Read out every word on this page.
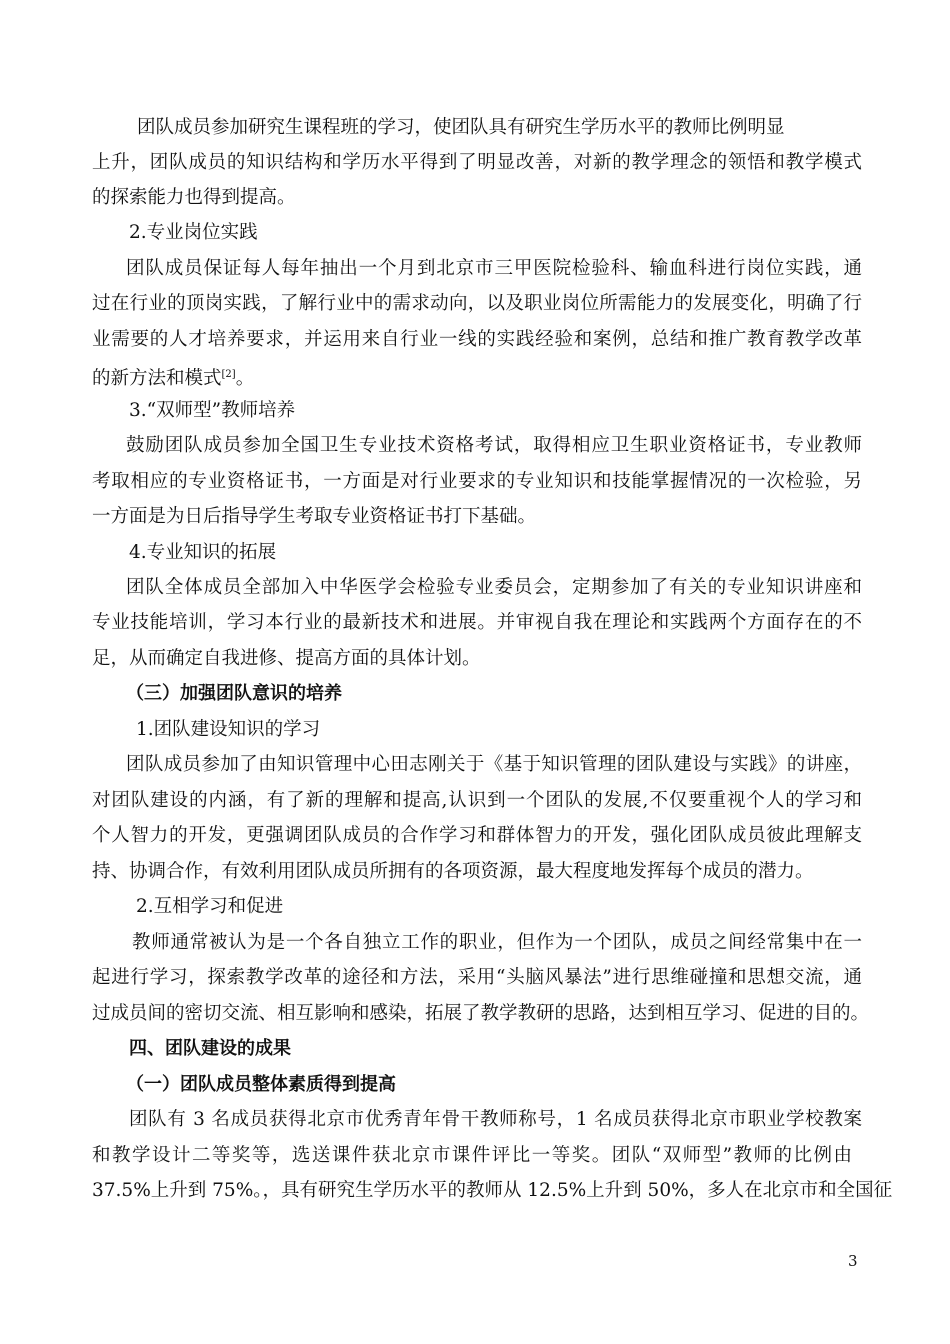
团队成员参加研究生课程班的学习，使团队具有研究生学历水平的教师比例明显
上升，团队成员的知识结构和学历水平得到了明显改善，对新的教学理念的领悟和教学模式
的探索能力也得到提高。
2.专业岗位实践
团队成员保证每人每年抽出一个月到北京市三甲医院检验科、输血科进行岗位实践，通
过在行业的顶岗实践，了解行业中的需求动向，以及职业岗位所需能力的发展变化，明确了行
业需要的人才培养要求，并运用来自行业一线的实践经验和案例，总结和推广教育教学改革
的新方法和模式[2]。
3.“双师型”教师培养
鼓励团队成员参加全国卫生专业技术资格考试，取得相应卫生职业资格证书，专业教师
考取相应的专业资格证书，一方面是对行业要求的专业知识和技能掌握情况的一次检验，另
一方面是为日后指导学生考取专业资格证书打下基础。
4.专业知识的拓展
团队全体成员全部加入中华医学会检验专业委员会，定期参加了有关的专业知识讲座和
专业技能培训，学习本行业的最新技术和进展。并审视自我在理论和实践两个方面存在的不
足，从而确定自我进修、提高方面的具体计划。
（三）加强团队意识的培养
1.团队建设知识的学习
团队成员参加了由知识管理中心田志刚关于《基于知识管理的团队建设与实践》的讲座，
对团队建设的内涵，有了新的理解和提高,认识到一个团队的发展,不仅要重视个人的学习和
个人智力的开发，更强调团队成员的合作学习和群体智力的开发，强化团队成员彼此理解支
持、协调合作，有效利用团队成员所拥有的各项资源，最大程度地发挥每个成员的潜力。
2.互相学习和促进
教师通常被认为是一个各自独立工作的职业，但作为一个团队，成员之间经常集中在一
起进行学习，探索教学改革的途径和方法，采用“头脑风暴法”进行思维碰撞和思想交流，通
过成员间的密切交流、相互影响和感染，拓展了教学教研的思路，达到相互学习、促进的目的。
四、团队建设的成果
（一）团队成员整体素质得到提高
团队有 3 名成员获得北京市优秀青年骨干教师称号，1 名成员获得北京市职业学校教案
和教学设计二等奖等，选送课件获北京市课件评比一等奖。团队“双师型”教师的比例由
37.5%上升到 75%。，具有研究生学历水平的教师从 12.5%上升到 50%，多人在北京市和全国征
3
